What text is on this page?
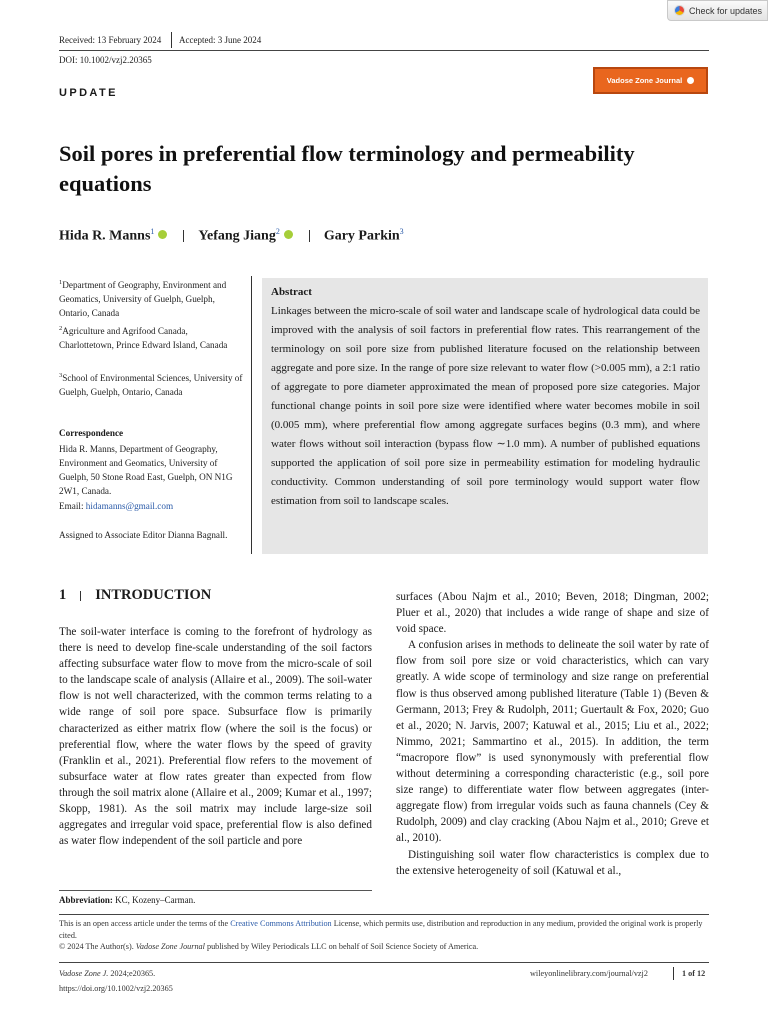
Check for updates
Received: 13 February 2024 Accepted: 3 June 2024
DOI: 10.1002/vzj2.20365
UPDATE
Vadose Zone Journal
Soil pores in preferential flow terminology and permeability equations
Hida R. Manns$^1$	Yefang Jiang$^2$	Gary Parkin$^3$
$^1$Department of Geography, Environment and Geomatics, University of Guelph, Guelph, Ontario, Canada
$^2$Agriculture and Agrifood Canada, Charlottetown, Prince Edward Island, Canada
$^3$School of Environmental Sciences, University of Guelph, Guelph, Ontario, Canada
Correspondence
Hida R. Manns, Department of Geography, Environment and Geomatics, University of Guelph, 50 Stone Road East, Guelph, ON N1G 2W1, Canada.
Email: hidamanns@gmail.com
Assigned to Associate Editor Dianna Bagnall.
Abstract
Linkages between the micro-scale of soil water and landscape scale of hydrological data could be improved with the analysis of soil factors in preferential flow rates. This rearrangement of the terminology on soil pore size from published literature focused on the relationship between aggregate and pore size. In the range of pore size relevant to water flow (>0.005 mm), a 2:1 ratio of aggregate to pore diameter approximated the mean of proposed pore size categories. Major functional change points in soil pore size were identified where water becomes mobile in soil (0.005 mm), where preferential flow among aggregate surfaces begins (0.3 mm), and where water flows without soil interaction (bypass flow ∼1.0 mm). A number of published equations supported the application of soil pore size in permeability estimation for modeling hydraulic conductivity. Common understanding of soil pore terminology would support water flow estimation from soil to landscape scales.
1 INTRODUCTION
The soil-water interface is coming to the forefront of hydrology as there is need to develop fine-scale understanding of the soil factors affecting subsurface water flow to move from the micro-scale of soil to the landscape scale of analysis (Allaire et al., 2009). The soil-water flow is not well characterized, with the common terms relating to a wide range of soil pore space. Subsurface flow is primarily characterized as either matrix flow (where the soil is the focus) or preferential flow, where the water flows by the speed of gravity (Franklin et al., 2021). Preferential flow refers to the movement of subsurface water at flow rates greater than expected from flow through the soil matrix alone (Allaire et al., 2009; Kumar et al., 1997; Skopp, 1981). As the soil matrix may include large-size soil aggregates and irregular void space, preferential flow is also defined as water flow independent of the soil particle and pore

surfaces (Abou Najm et al., 2010; Beven, 2018; Dingman, 2002; Pluer et al., 2020) that includes a wide range of shape and size of void space.

A confusion arises in methods to delineate the soil water by rate of flow from soil pore size or void characteristics, which can vary greatly. A wide scope of terminology and size range on preferential flow is thus observed among published literature (Table 1) (Beven & Germann, 2013; Frey & Rudolph, 2011; Guertault & Fox, 2020; Guo et al., 2020; N. Jarvis, 2007; Katuwal et al., 2015; Liu et al., 2022; Nimmo, 2021; Sammartino et al., 2015). In addition, the term “macropore flow” is used synonymously with preferential flow without determining a corresponding characteristic (e.g., soil pore size range) to differentiate water flow between aggregates (inter-aggregate flow) from irregular voids such as fauna channels (Cey & Rudolph, 2009) and clay cracking (Abou Najm et al., 2010; Greve et al., 2010).

Distinguishing soil water flow characteristics is complex due to the extensive heterogeneity of soil (Katuwal et al.,

Abbreviation: KC, Kozeny–Carman.
This is an open access article under the terms of the Creative Commons Attribution License, which permits use, distribution and reproduction in any medium, provided the original work is properly cited.
© 2024 The Author(s). Vadose Zone Journal published by Wiley Periodicals LLC on behalf of Soil Science Society of America.
Vadose Zone J. 2024;e20365.
https://doi.org/10.1002/vzj2.20365
wileyonlinelibrary.com/journal/vzj2	1 of 12
